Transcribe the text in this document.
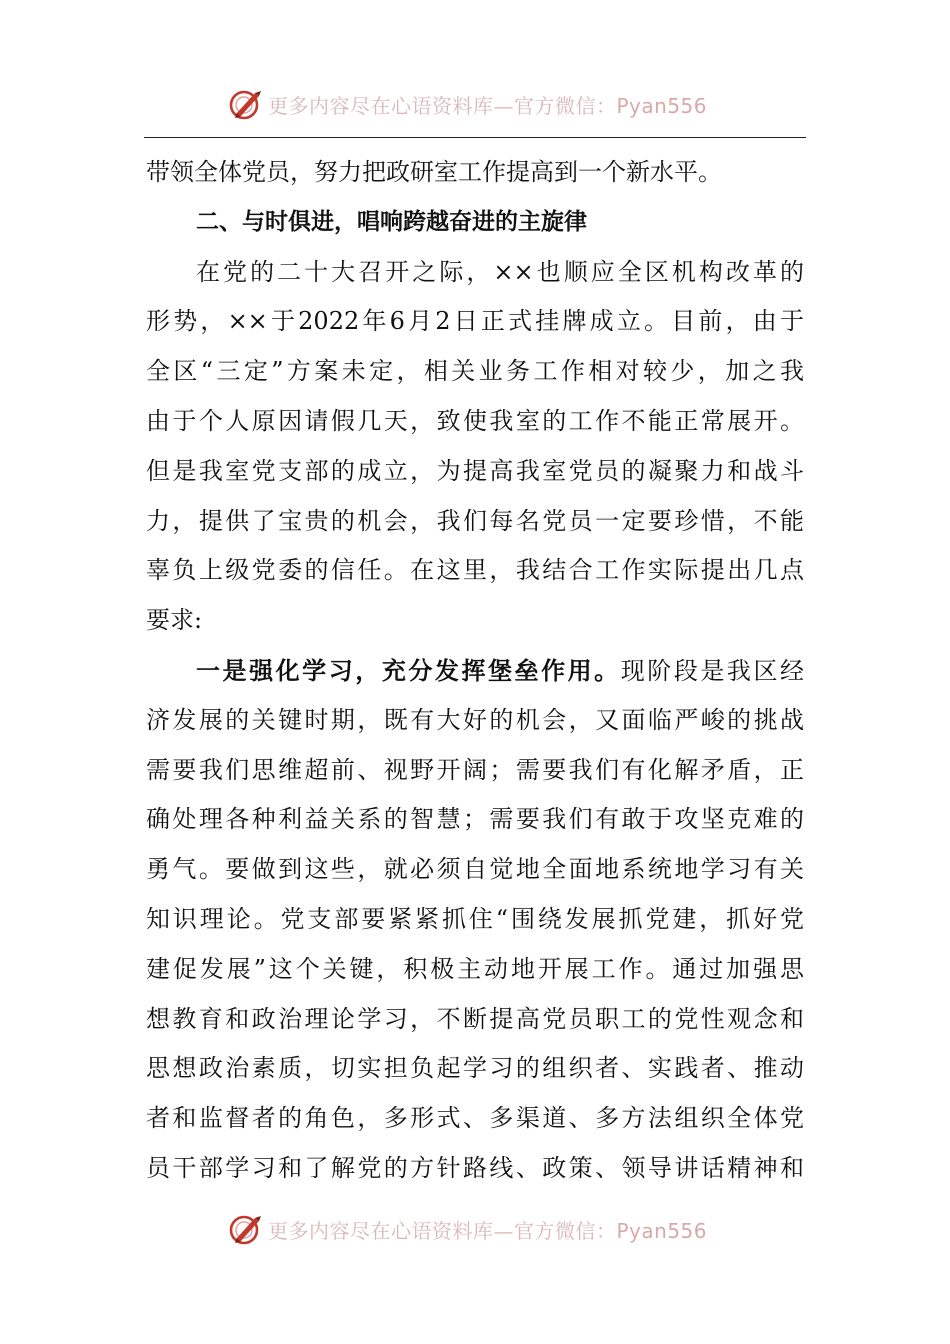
更多内容尽在心语资料库—官方微信：Pyan556
带领全体党员，努力把政研室工作提高到一个新水平。
二、与时俱进，唱响跨越奋进的主旋律
在党的二十大召开之际，××也顺应全区机构改革的
形势，××于2022年6月2日正式挂牌成立。目前，由于
全区“三定”方案未定，相关业务工作相对较少，加之我
由于个人原因请假几天，致使我室的工作不能正常展开。
但是我室党支部的成立，为提高我室党员的凝聚力和战斗
力，提供了宝贵的机会，我们每名党员一定要珍惜，不能
辜负上级党委的信任。在这里，我结合工作实际提出几点
要求:
一是强化学习，充分发挥堡垒作用。现阶段是我区经
济发展的关键时期，既有大好的机会，又面临严峻的挑战
需要我们思维超前、视野开阔；需要我们有化解矛盾，正
确处理各种利益关系的智慧；需要我们有敢于攻坚克难的
勇气。要做到这些，就必须自觉地全面地系统地学习有关
知识理论。党支部要紧紧抓住“围绕发展抓党建，抓好党
建促发展”这个关键，积极主动地开展工作。通过加强思
想教育和政治理论学习，不断提高党员职工的党性观念和
思想政治素质，切实担负起学习的组织者、实践者、推动
者和监督者的角色，多形式、多渠道、多方法组织全体党
员干部学习和了解党的方针路线、政策、领导讲话精神和
更多内容尽在心语资料库—官方微信：Pyan556
